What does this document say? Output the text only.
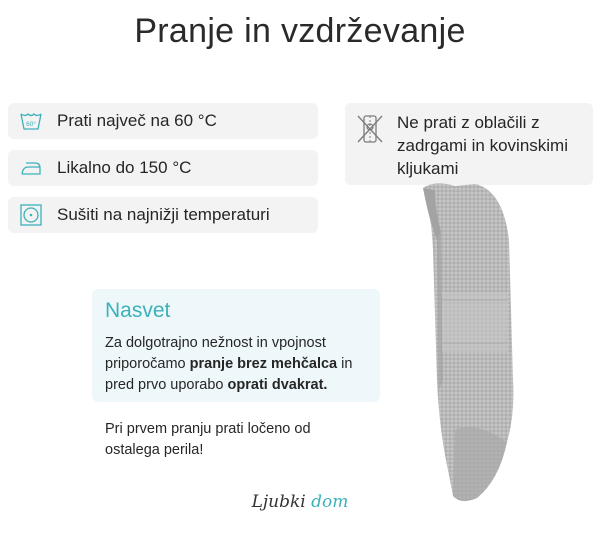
Pranje in vzdrževanje
60° Prati največ na 60 °C
Likalno do 150 °C
Sušiti na najnižji temperaturi
Ne prati z oblačili z zadrgami in kovinskimi kljukami
Nasvet
Za dolgotrajno nežnost in vpojnost priporočamo pranje brez mehčalca in pred prvo uporabo oprati dvakrat.
Pri prvem pranju prati ločeno od ostalega perila!
Ljubki dom
